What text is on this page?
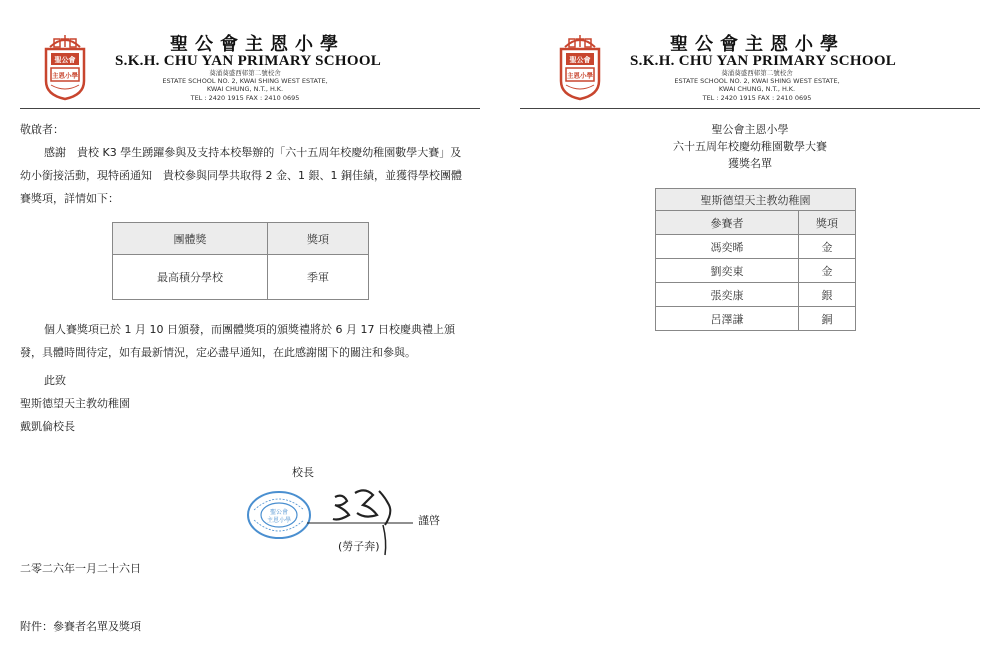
聖公會
主恩小學
聖公會主恩小學
S.K.H. CHU YAN PRIMARY SCHOOL
葵涌葵盛西邨第二號校舍
ESTATE SCHOOL NO. 2, KWAI SHING WEST ESTATE,
KWAI CHUNG, N.T., H.K.
TEL : 2420 1915 FAX : 2410 0695
敬啟者：
感謝　貴校 K3 學生踴躍參與及支持本校舉辦的「六十五周年校慶幼稚園數學大賽」及幼小銜接活動，現特函通知　貴校參與同學共取得 2 金、1 銀、1 銅佳績，並獲得學校團體賽獎項，詳情如下：
團體獎	獎項
最高積分學校	季軍
個人賽獎項已於 1 月 10 日頒發，而團體獎項的頒獎禮將於 6 月 17 日校慶典禮上頒發，具體時間待定，如有最新情況，定必盡早通知，在此感謝閣下的關注和參與。
此致
聖斯德望天主教幼稚園
戴凱倫校長
校長
聖公會
主恩小學	謹啓
(勞子奔)
二零二六年一月二十六日
附件：參賽者名單及獎項
聖公會
主恩小學
聖公會主恩小學
S.K.H. CHU YAN PRIMARY SCHOOL
葵涌葵盛西邨第二號校舍
ESTATE SCHOOL NO. 2, KWAI SHING WEST ESTATE,
KWAI CHUNG, N.T., H.K.
TEL : 2420 1915 FAX : 2410 0695
聖公會主恩小學
六十五周年校慶幼稚園數學大賽
獲獎名單
聖斯德望天主教幼稚園	
參賽者	獎項
馮奕晞	金
劉奕東	金
張奕康	銀
呂澤謙	銅
